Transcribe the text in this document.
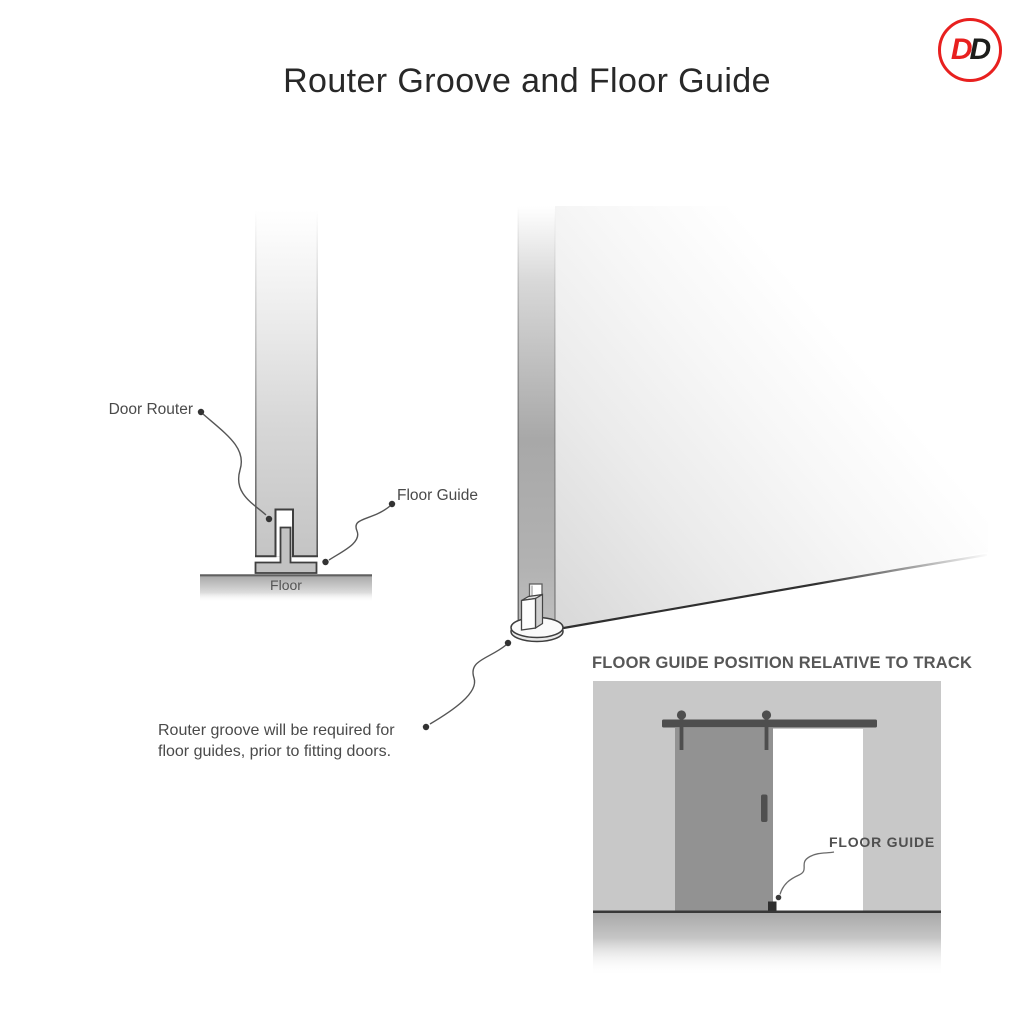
Router Groove and Floor Guide
D D
Door Router
Floor Guide
Floor
Router groove will be required for
floor guides, prior to fitting doors.
FLOOR GUIDE POSITION RELATIVE TO TRACK
FLOOR GUIDE
